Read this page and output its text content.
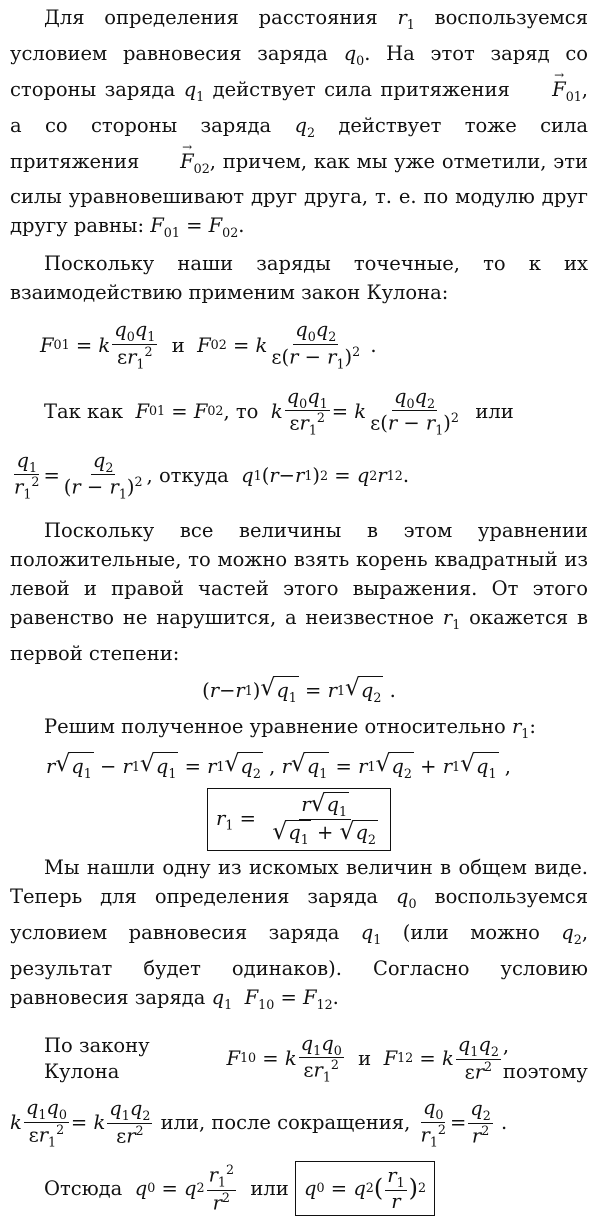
Для определения расстояния $r_1$ воспользуемся условием равновесия заряда $q_0$. На этот заряд со стороны заряда $q_1$ действует сила притяжения → $F_{01}$, а со стороны заряда $q_2$ действует тоже сила притяжения → $F_{02}$, причем, как мы уже отметили, эти силы уравновешивают друг друга, т. е. по модулю друг другу равны: $F_{01} = F_{02}$.

Поскольку наши заряды точечные, то к их взаимодействию применим закон Кулона:

F 01 = k $\frac{q_0q_1}{\varepsilon r_1^2}$
и
F 02 = k $\frac{q_0q_2}{\varepsilon(r - r_1)^2}$ .
Так как
F 01 = F 02 , то
k $\frac{q_0q_1}{\varepsilon r_1^2} = k \frac{q_0q_2}{\varepsilon(r - r_1)^2}$
или
$\frac{q_1}{r_1^2} = \frac{q_2}{(r - r_1)^2}$ , откуда
q 1 ( r − r 1 ) 2 = q 2 r 1 2 .

Поскольку все величины в этом уравнении положительные, то можно взять корень квадратный из левой и правой частей этого выражения. От этого равенство не нарушится, а неизвестное $r_1$ окажется в первой степени:

( r − r 1 ) √ $q_1 = r$ 1 √ $q_2$ .

Решим полученное уравнение относительно $r_1$:

r √ $q_1 - r$ 1 √ $q_1 = r$ 1 √ $q_2$ , r √ $q_1 = r$ 1 √ $q_2 + r$ 1 √ $q_1$ ,
$r_1 = \frac{r √ q_1}{√ q_1 + √ q_2}$

Мы нашли одну из искомых величин в общем виде. Теперь для определения заряда $q_0$ воспользуемся условием равновесия заряда $q_1$ (или можно $q_2$, результат будет одинаков). Согласно условию равновесия заряда $q_1$ $F_{10} = F_{12}$.

По закону Кулона

F 10 = k $\frac{q_1q_0}{\varepsilon r_1^2}$
и
F 12 = k $\frac{q_1q_2}{\varepsilon r^2}$ , поэтому
k $\frac{q_1q_0}{\varepsilon r_1^2} = k \frac{q_1q_2}{\varepsilon r^2}$
или, после сокращения,
$\frac{q_0}{r_1^2} = \frac{q_2}{r^2}$ .
Отсюда
q 0 = q $2 \frac{r_1^2}{r^2}$
или
q 0 = q 2 ( $\frac{r_1}{r}$ ) 2
